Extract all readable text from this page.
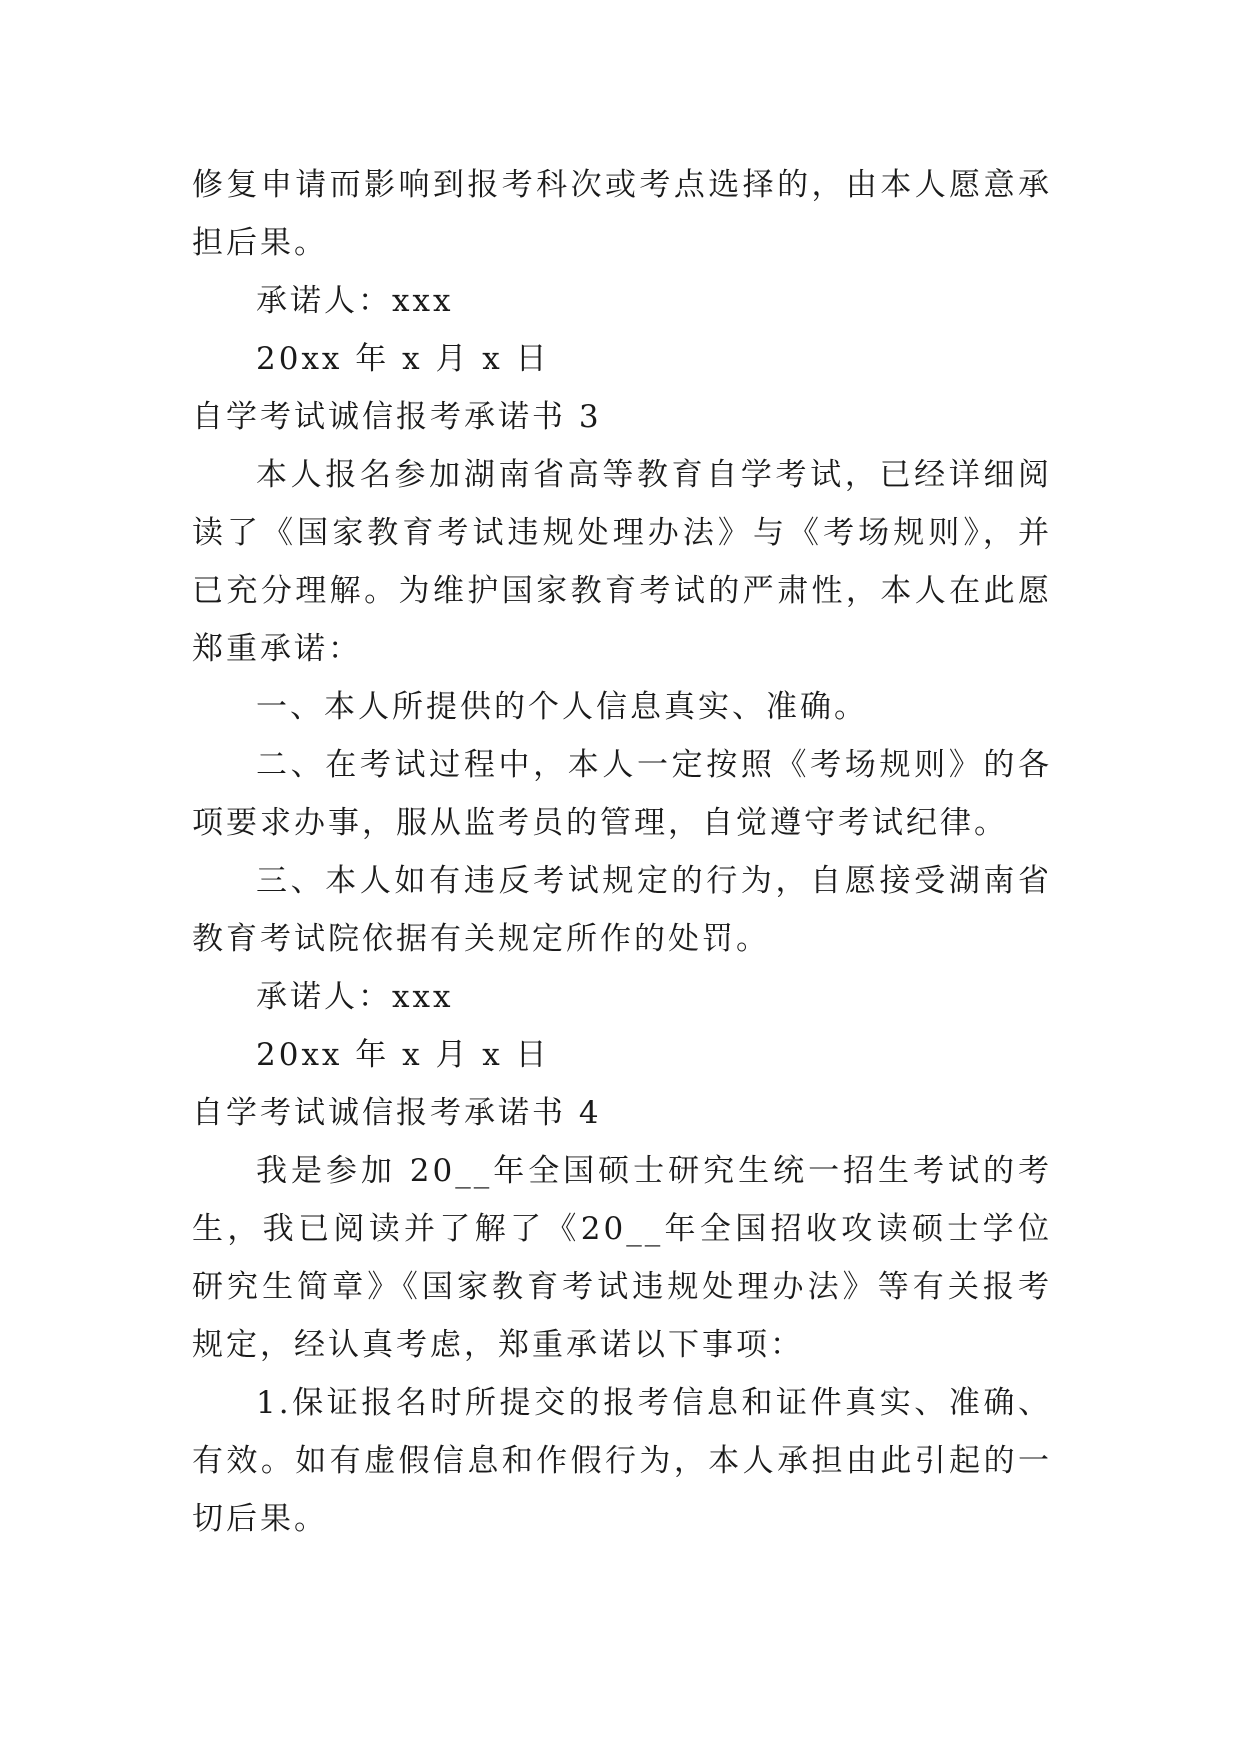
修复申请而影响到报考科次或考点选择的，由本人愿意承担后果。

承诺人：xxx

20xx 年 x 月 x 日

自学考试诚信报考承诺书 3

本人报名参加湖南省高等教育自学考试，已经详细阅读了《国家教育考试违规处理办法》与《考场规则》，并已充分理解。为维护国家教育考试的严肃性，本人在此愿郑重承诺：

一、本人所提供的个人信息真实、准确。

二、在考试过程中，本人一定按照《考场规则》的各项要求办事，服从监考员的管理，自觉遵守考试纪律。

三、本人如有违反考试规定的行为，自愿接受湖南省教育考试院依据有关规定所作的处罚。

承诺人：xxx

20xx 年 x 月 x 日

自学考试诚信报考承诺书 4

我是参加 20__年全国硕士研究生统一招生考试的考生，我已阅读并了解了《20__年全国招收攻读硕士学位研究生简章》《国家教育考试违规处理办法》等有关报考规定，经认真考虑，郑重承诺以下事项：

1.保证报名时所提交的报考信息和证件真实、准确、有效。如有虚假信息和作假行为，本人承担由此引起的一切后果。
